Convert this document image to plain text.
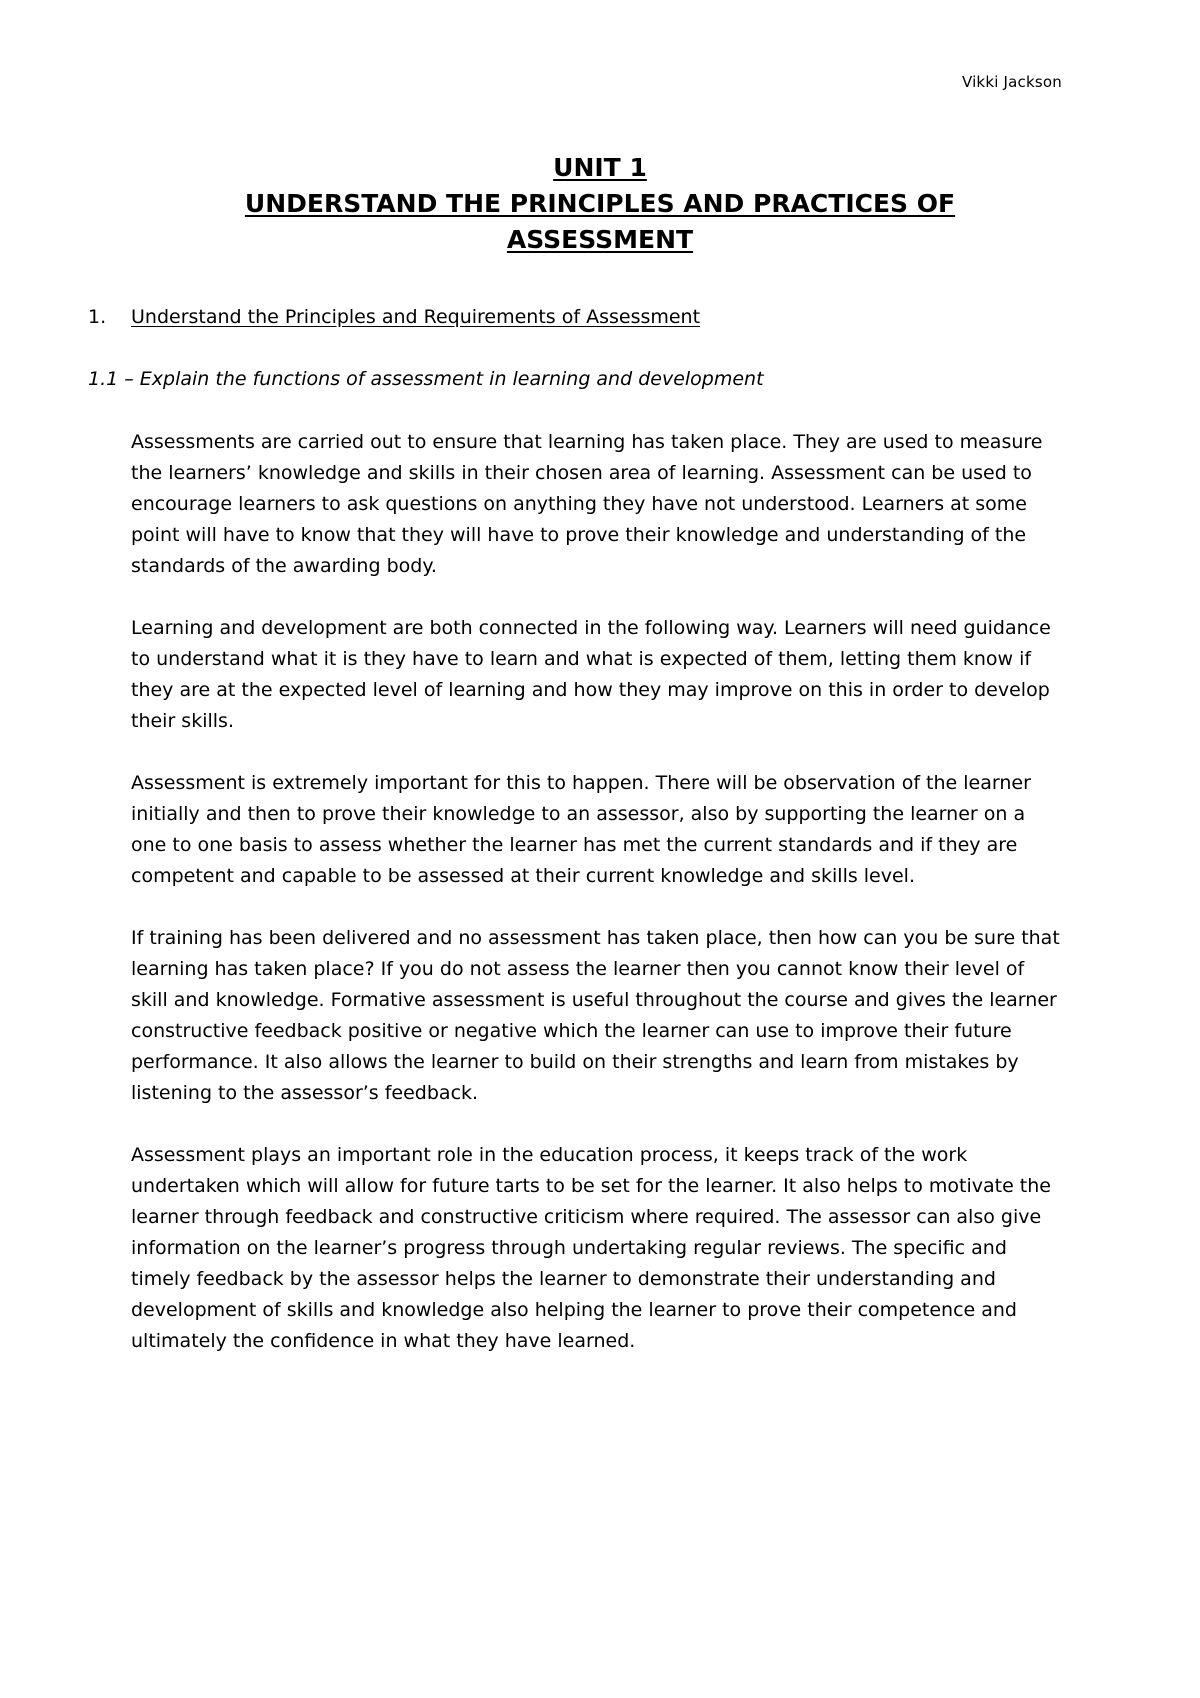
Vikki Jackson
UNIT 1
UNDERSTAND THE PRINCIPLES AND PRACTICES OF
ASSESSMENT
1. Understand the Principles and Requirements of Assessment
1.1 – Explain the functions of assessment in learning and development

Assessments are carried out to ensure that learning has taken place. They are used to measure the learners’ knowledge and skills in their chosen area of learning. Assessment can be used to encourage learners to ask questions on anything they have not understood. Learners at some point will have to know that they will have to prove their knowledge and understanding of the standards of the awarding body.

Learning and development are both connected in the following way. Learners will need guidance to understand what it is they have to learn and what is expected of them, letting them know if they are at the expected level of learning and how they may improve on this in order to develop their skills.

Assessment is extremely important for this to happen. There will be observation of the learner initially and then to prove their knowledge to an assessor, also by supporting the learner on a one to one basis to assess whether the learner has met the current standards and if they are competent and capable to be assessed at their current knowledge and skills level.

If training has been delivered and no assessment has taken place, then how can you be sure that learning has taken place? If you do not assess the learner then you cannot know their level of skill and knowledge. Formative assessment is useful throughout the course and gives the learner constructive feedback positive or negative which the learner can use to improve their future performance. It also allows the learner to build on their strengths and learn from mistakes by listening to the assessor’s feedback.

Assessment plays an important role in the education process, it keeps track of the work undertaken which will allow for future tarts to be set for the learner. It also helps to motivate the learner through feedback and constructive criticism where required. The assessor can also give information on the learner’s progress through undertaking regular reviews. The specific and timely feedback by the assessor helps the learner to demonstrate their understanding and development of skills and knowledge also helping the learner to prove their competence and ultimately the confidence in what they have learned.
